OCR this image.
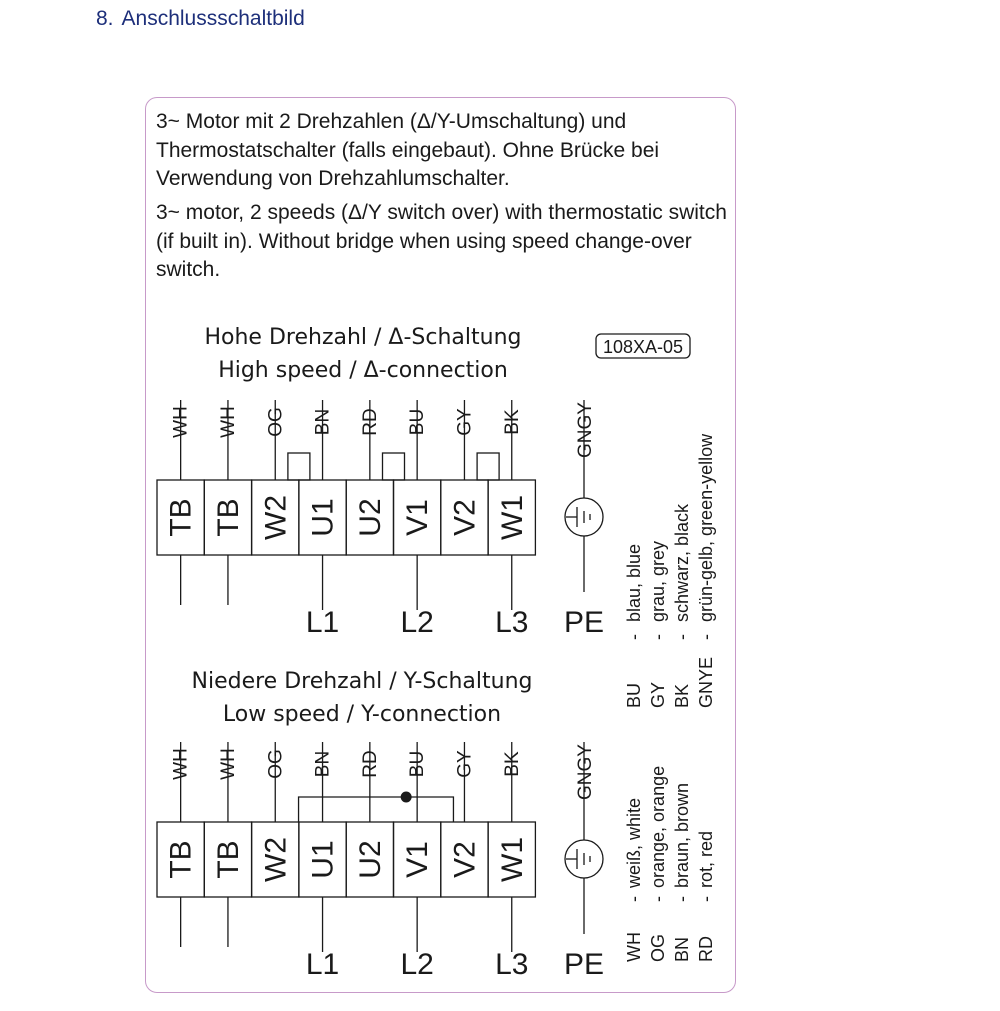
8. Anschlussschaltbild
3~ Motor mit 2 Drehzahlen (Δ/Y-Umschaltung) und Thermostatschalter (falls eingebaut). Ohne Brücke bei Verwendung von Drehzahlumschalter.
3~ motor, 2 speeds (Δ/Y switch over) with thermostatic switch (if built in). Without bridge when using speed change-over switch.
108XA-05
Hohe Drehzahl / Δ-Schaltung
High speed / Δ-connection
Niedere Drehzahl / Y-Schaltung
Low speed / Y-connection
TB
WH
TB
WH
W2
OG
U1
BN
U2
RD
V1
BU
V2
GY
W1
BK
L1 L2 L3 PE
GNGY
TB
WH
TB
WH
W2
OG
U1
BN
U2
RD
V1
BU
V2
GY
W1
BK
L1 L2 L3 PE
GNGY
BU
-
blau, blue
GY
-
grau, grey
BK
-
schwarz, black
GNYE
-
grün-gelb, green-yellow
WH
-
weiß, white
OG
-
orange, orange
BN
-
braun, brown
RD
-
rot, red
